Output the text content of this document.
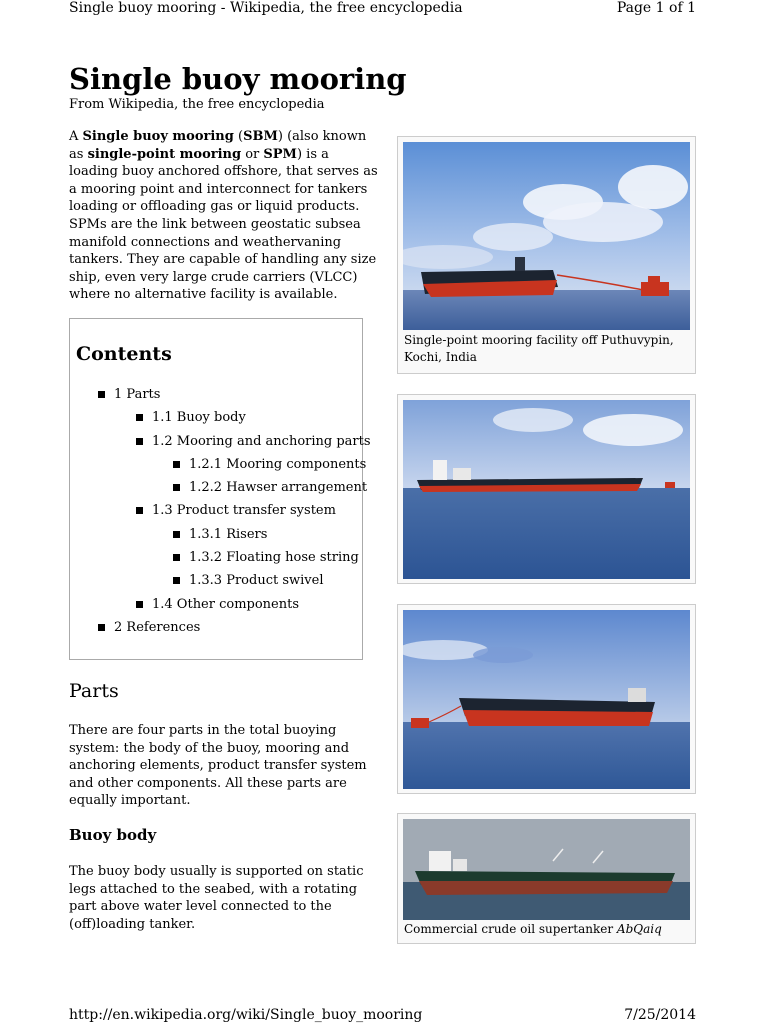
Single buoy mooring - Wikipedia, the free encyclopedia	Page 1 of 1
Single buoy mooring
From Wikipedia, the free encyclopedia

A Single buoy mooring (SBM) (also known as single-point mooring or SPM) is a loading buoy anchored offshore, that serves as a mooring point and interconnect for tankers loading or offloading gas or liquid products. SPMs are the link between geostatic subsea manifold connections and weathervaning tankers. They are capable of handling any size ship, even very large crude carriers (VLCC) where no alternative facility is available.

Contents
1 Parts
1.1 Buoy body
1.2 Mooring and anchoring parts
1.2.1 Mooring components
1.2.2 Hawser arrangement
1.3 Product transfer system
1.3.1 Risers
1.3.2 Floating hose string
1.3.3 Product swivel
1.4 Other components
2 References
Parts

There are four parts in the total buoying system: the body of the buoy, mooring and anchoring elements, product transfer system and other components. All these parts are equally important.

Buoy body

The buoy body usually is supported on static legs attached to the seabed, with a rotating part above water level connected to the (off)loading tanker.

Single-point mooring facility off Puthuvypin, Kochi, India
Commercial crude oil supertanker AbQaiq
http://en.wikipedia.org/wiki/Single_buoy_mooring	7/25/2014
